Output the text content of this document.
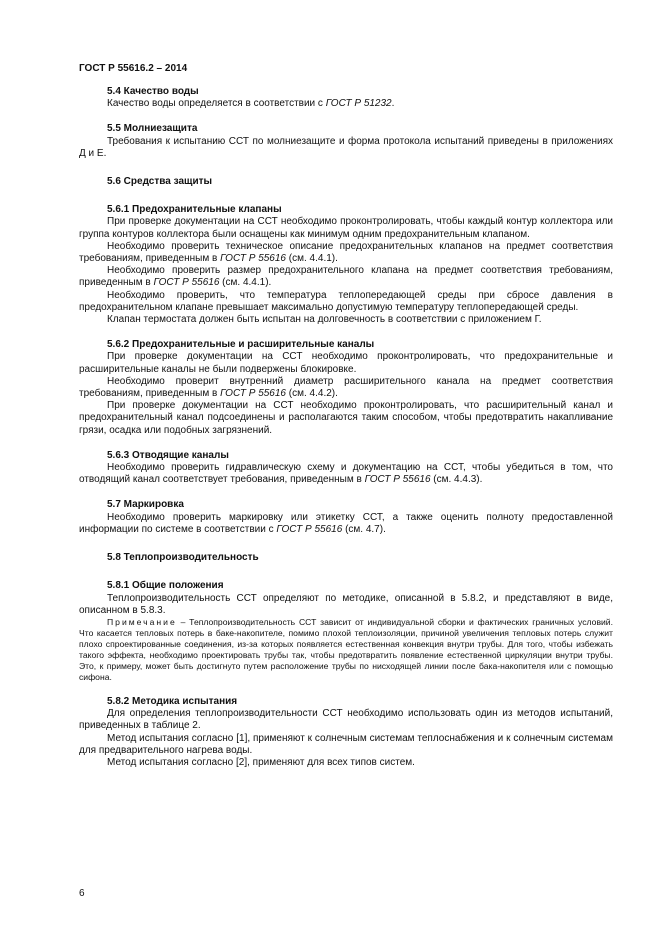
ГОСТ Р 55616.2 – 2014
5.4 Качество воды
Качество воды определяется в соответствии с ГОСТ Р 51232.
5.5 Молниезащита
Требования к испытанию ССТ по молниезащите и форма протокола испытаний приведены в приложениях Д и Е.
5.6 Средства защиты
5.6.1 Предохранительные клапаны
При проверке документации на ССТ необходимо проконтролировать, чтобы каждый контур коллектора или группа контуров коллектора были оснащены как минимум одним предохранительным клапаном.
Необходимо проверить техническое описание предохранительных клапанов на предмет соответствия требованиям, приведенным в ГОСТ Р 55616 (см. 4.4.1).
Необходимо проверить размер предохранительного клапана на предмет соответствия требованиям, приведенным в ГОСТ Р 55616 (см. 4.4.1).
Необходимо проверить, что температура теплопередающей среды при сбросе давления в предохранительном клапане превышает максимально допустимую температуру теплопередающей среды.
Клапан термостата должен быть испытан на долговечность в соответствии с приложением Г.
5.6.2 Предохранительные и расширительные каналы
При проверке документации на ССТ необходимо проконтролировать, что предохранительные и расширительные каналы не были подвержены блокировке.
Необходимо проверит внутренний диаметр расширительного канала на предмет соответствия требованиям, приведенным в ГОСТ Р 55616 (см. 4.4.2).
При проверке документации на ССТ необходимо проконтролировать, что расширительный канал и предохранительный канал подсоединены и располагаются таким способом, чтобы предотвратить накапливание грязи, осадка или подобных загрязнений.
5.6.3 Отводящие каналы
Необходимо проверить гидравлическую схему и документацию на ССТ, чтобы убедиться в том, что отводящий канал соответствует требования, приведенным в ГОСТ Р 55616 (см. 4.4.3).
5.7 Маркировка
Необходимо проверить маркировку или этикетку ССТ, а также оценить полноту предоставленной информации по системе в соответствии с ГОСТ Р 55616 (см. 4.7).
5.8 Теплопроизводительность
5.8.1 Общие положения
Теплопроизводительность ССТ определяют по методике, описанной в 5.8.2, и представляют в виде, описанном в 5.8.3.
Примечание – Теплопроизводительность ССТ зависит от индивидуальной сборки и фактических граничных условий. Что касается тепловых потерь в баке-накопителе, помимо плохой теплоизоляции, причиной увеличения тепловых потерь служит плохо спроектированные соединения, из-за которых появляется естественная конвекция внутри трубы. Для того, чтобы избежать такого эффекта, необходимо проектировать трубы так, чтобы предотвратить появление естественной циркуляции внутри трубы. Это, к примеру, может быть достигнуто путем расположение трубы по нисходящей линии после бака-накопителя или с помощью сифона.
5.8.2 Методика испытания
Для определения теплопроизводительности ССТ необходимо использовать один из методов испытаний, приведенных в таблице 2.
Метод испытания согласно [1], применяют к солнечным системам теплоснабжения и к солнечным системам для предварительного нагрева воды.
Метод испытания согласно [2], применяют для всех типов систем.
6
